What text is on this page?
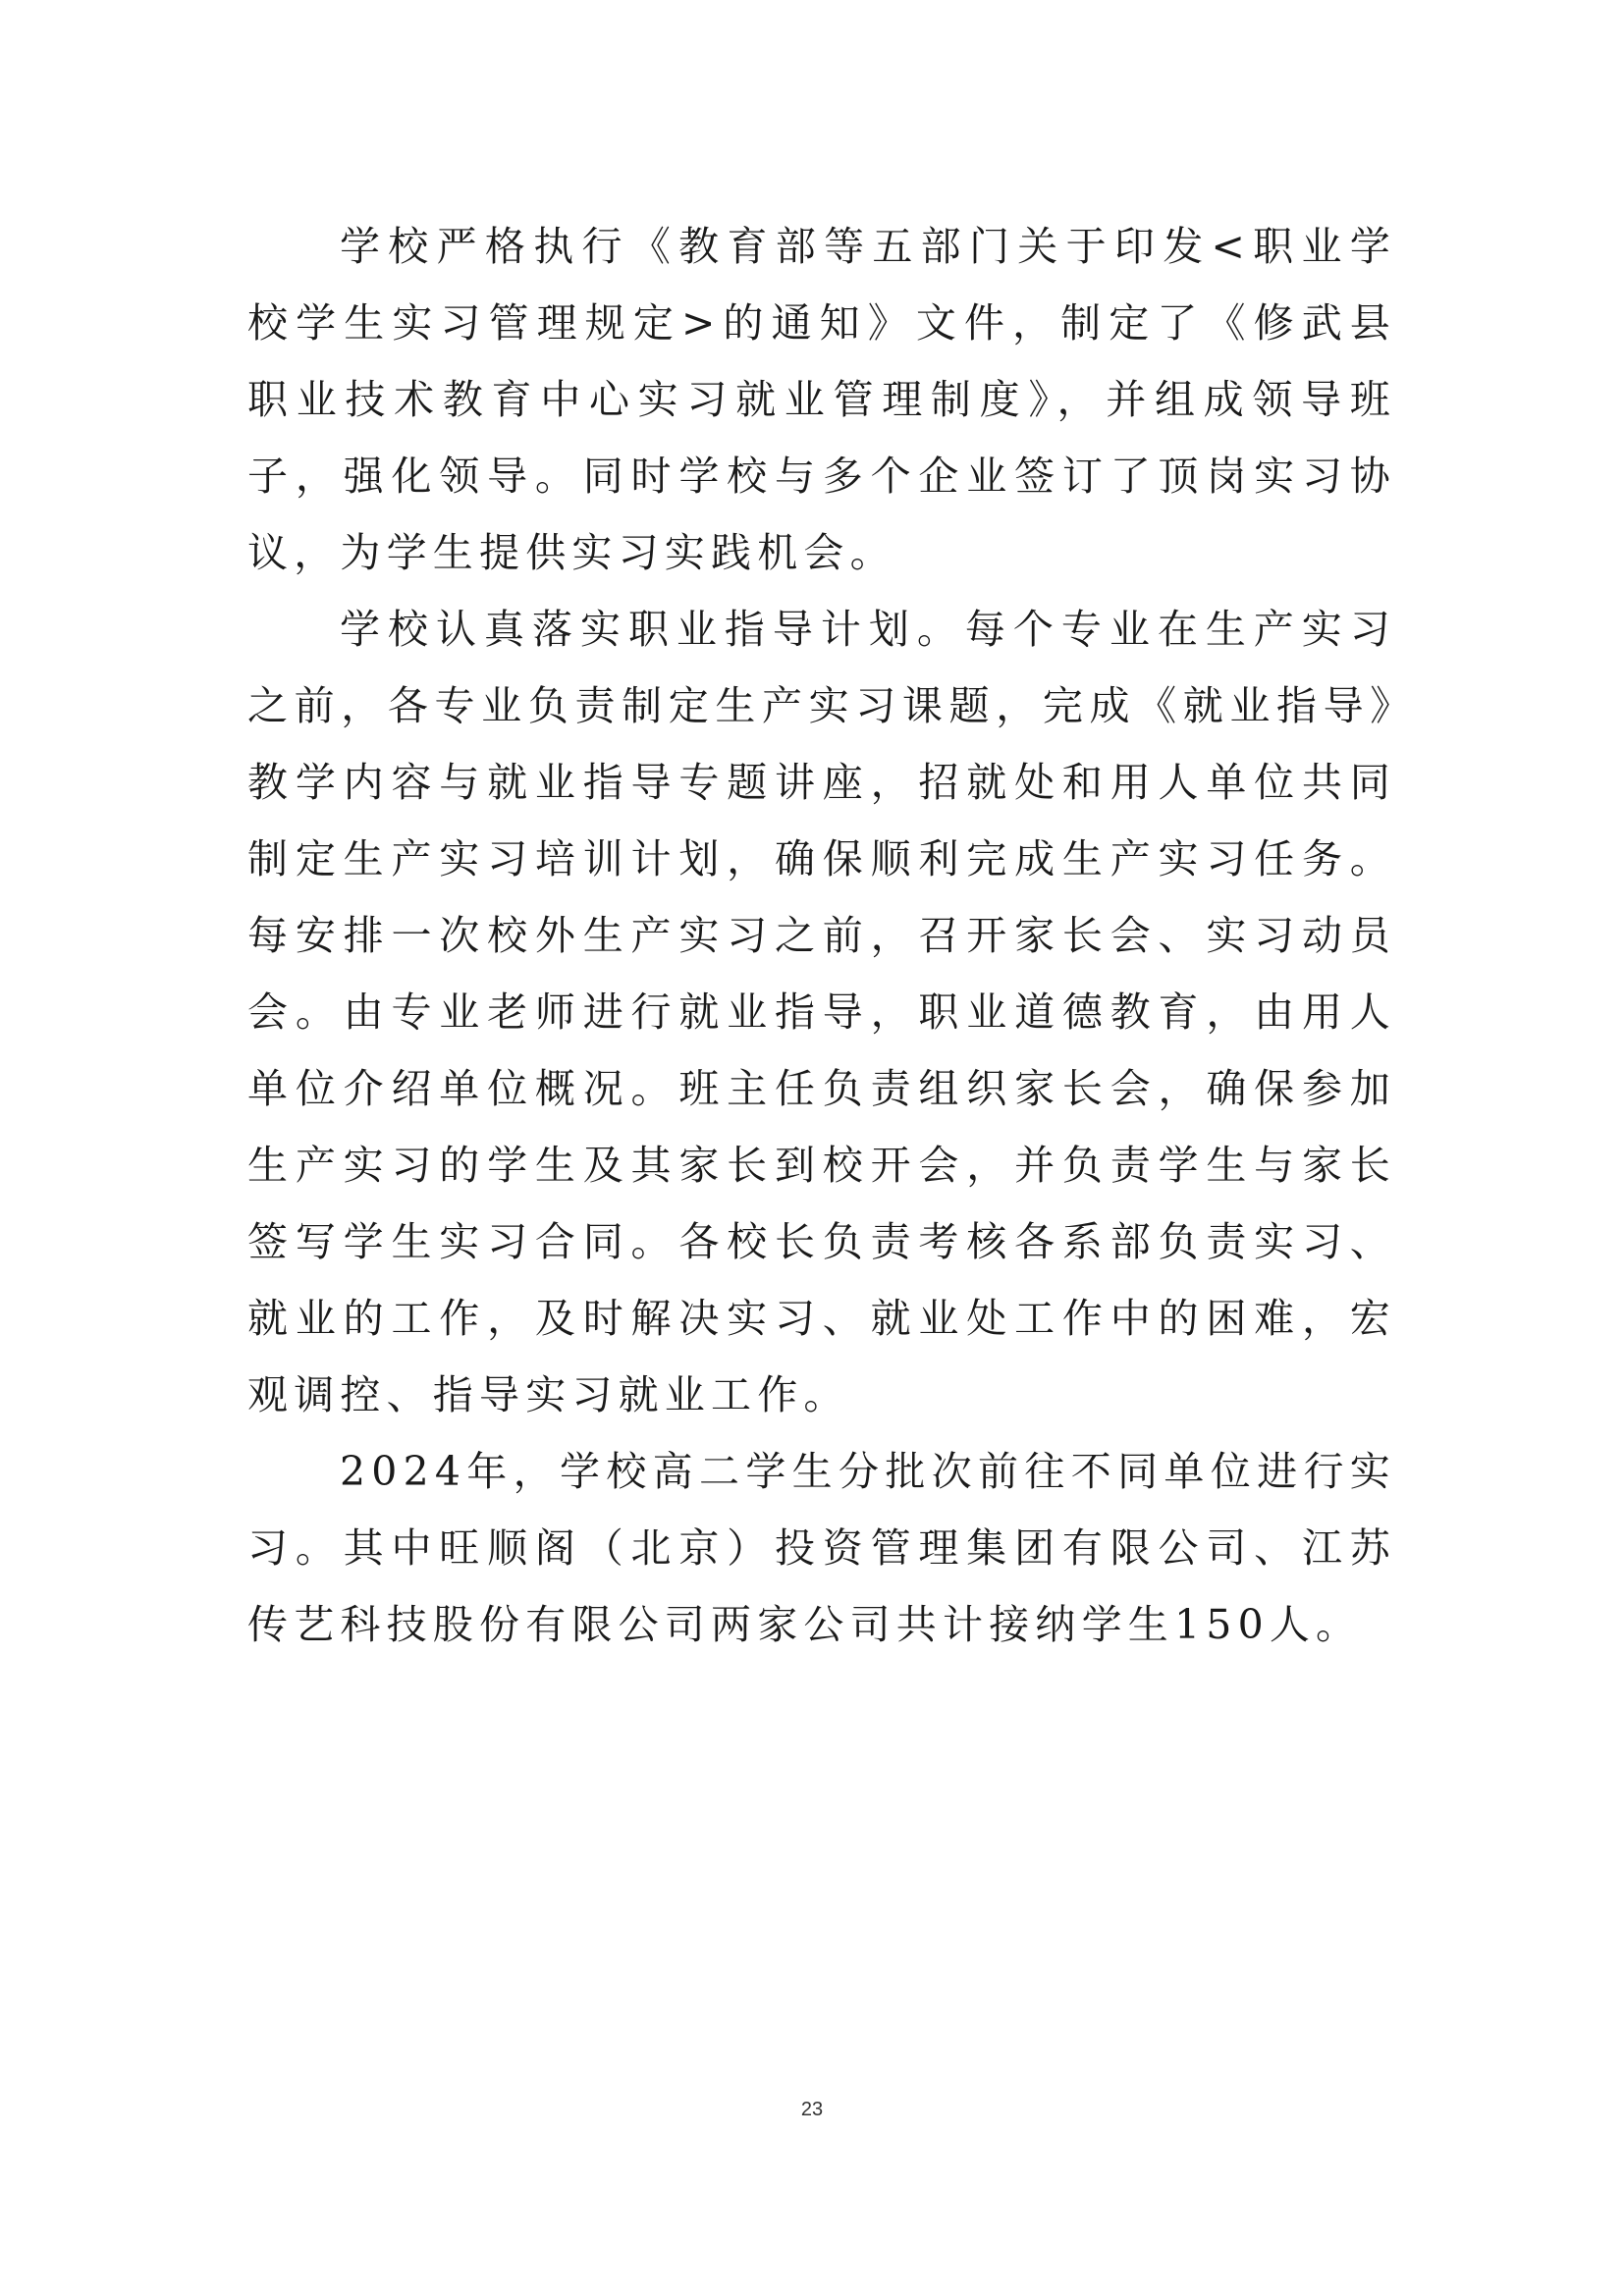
学校严格执行《教育部等五部门关于印发<职业学校学生实习管理规定>的通知》文件，制定了《修武县职业技术教育中心实习就业管理制度》，并组成领导班子，强化领导。同时学校与多个企业签订了顶岗实习协议，为学生提供实习实践机会。

学校认真落实职业指导计划。每个专业在生产实习之前，各专业负责制定生产实习课题，完成《就业指导》教学内容与就业指导专题讲座，招就处和用人单位共同制定生产实习培训计划，确保顺利完成生产实习任务。每安排一次校外生产实习之前，召开家长会、实习动员会。由专业老师进行就业指导，职业道德教育，由用人单位介绍单位概况。班主任负责组织家长会，确保参加生产实习的学生及其家长到校开会，并负责学生与家长签写学生实习合同。各校长负责考核各系部负责实习、就业的工作，及时解决实习、就业处工作中的困难，宏观调控、指导实习就业工作。

2024年，学校高二学生分批次前往不同单位进行实习。其中旺顺阁（北京）投资管理集团有限公司、江苏传艺科技股份有限公司两家公司共计接纳学生150人。

23
